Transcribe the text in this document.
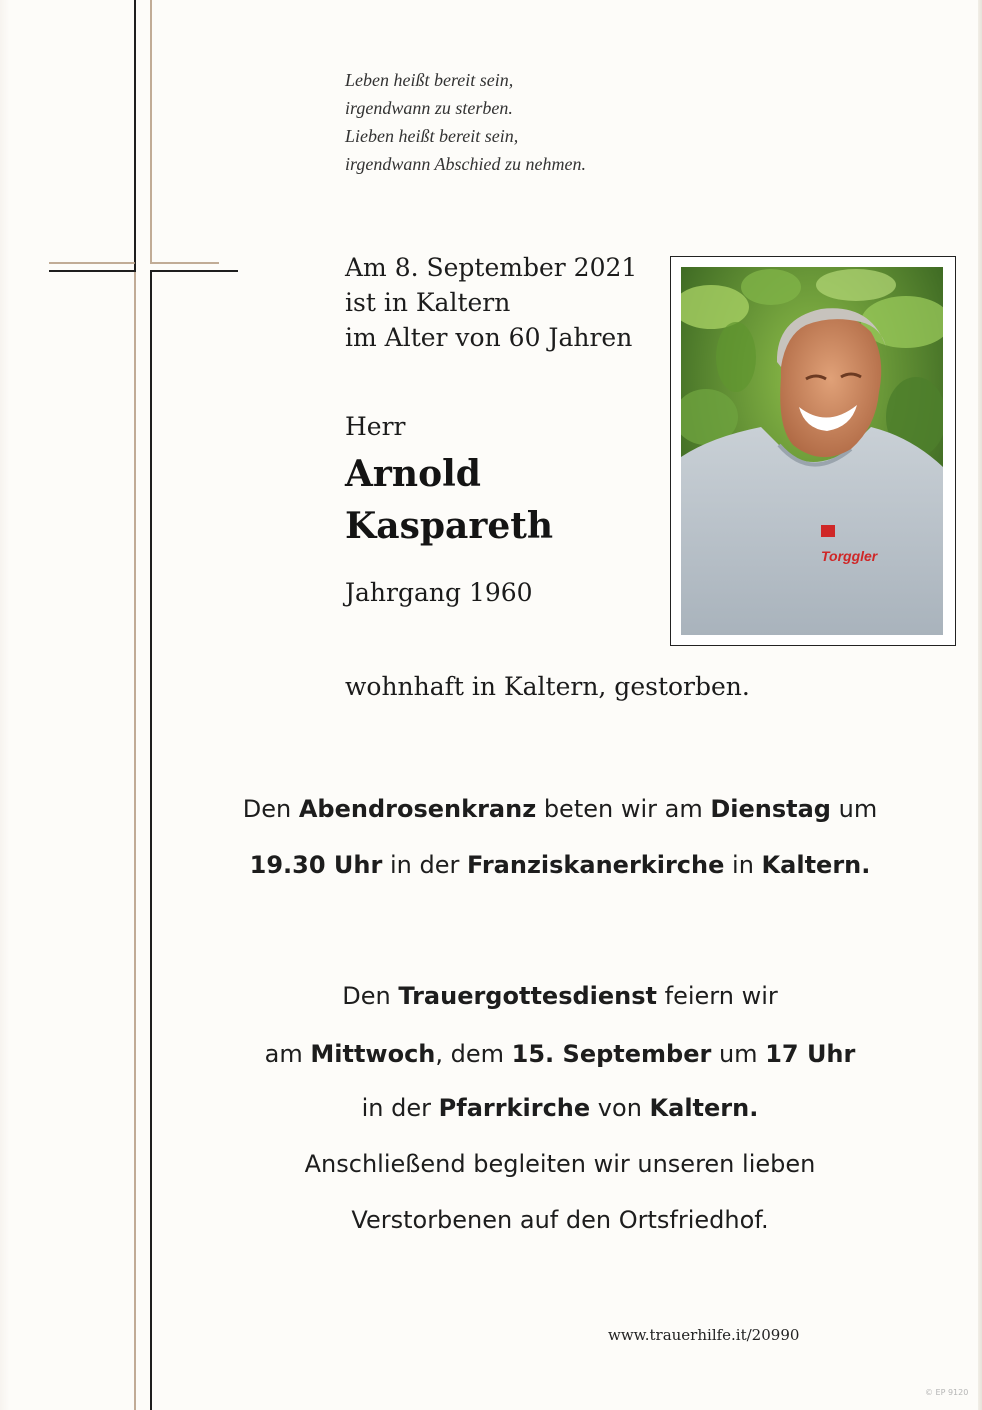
Leben heißt bereit sein,
irgendwann zu sterben.
Lieben heißt bereit sein,
irgendwann Abschied zu nehmen.
Am 8. September 2021
ist in Kaltern
im Alter von 60 Jahren
Herr
Arnold
Kaspareth
Jahrgang 1960
wohnhaft in Kaltern, gestorben.
Torggler
Den Abendrosenkranz beten wir am Dienstag um
19.30 Uhr in der Franziskanerkirche in Kaltern.
Den Trauergottesdienst feiern wir
am Mittwoch, dem 15. September um 17 Uhr
in der Pfarrkirche von Kaltern.
Anschließend begleiten wir unseren lieben
Verstorbenen auf den Ortsfriedhof.
www.trauerhilfe.it/20990
© EP 9120
